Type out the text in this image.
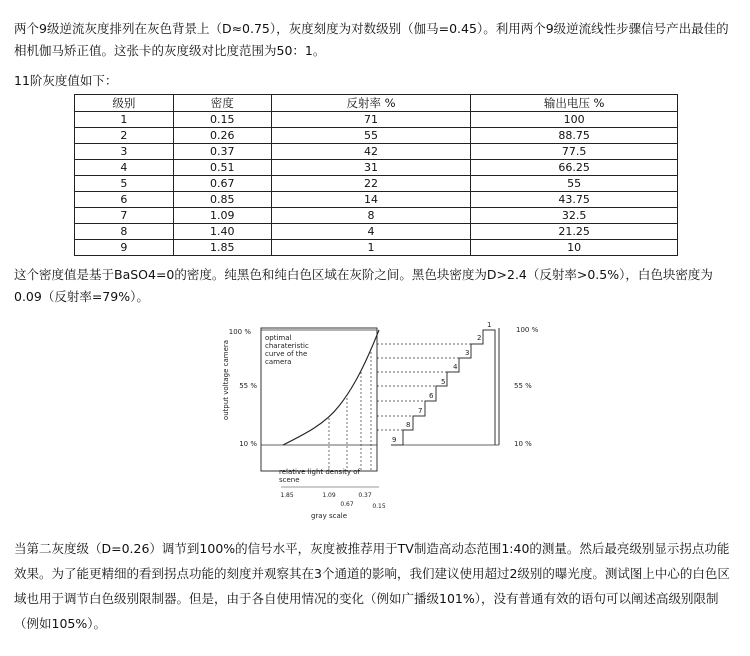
两个9级逆流灰度排列在灰色背景上（D≈0.75），灰度刻度为对数级别（伽马=0.45）。利用两个9级逆流线性步骤信号产出最佳的相机伽马矫正值。这张卡的灰度级对比度范围为50：1。

11阶灰度值如下：

级别	密度	反射率 %	输出电压 %
1	0.15	71	100
2	0.26	55	88.75
3	0.37	42	77.5
4	0.51	31	66.25
5	0.67	22	55
6	0.85	14	43.75
7	1.09	8	32.5
8	1.40	4	21.25
9	1.85	1	10

这个密度值是基于BaSO4=0的密度。纯黑色和纯白色区域在灰阶之间。黑色块密度为D>2.4（反射率>0.5%），白色块密度为0.09（反射率=79%）。

output voltage camera
100 %
55 %
10 %
optimal
charateristic
curve of the
camera
1
2
3
4
5
6
7
8
9
100 %
55 %
10 %
relative light density of
scene
1.85	1.09	0.37
0.67	0.15
gray scale

当第二灰度级（D=0.26）调节到100%的信号水平，灰度被推荐用于TV制造高动态范围1:40的测量。然后最亮级别显示拐点功能效果。为了能更精细的看到拐点功能的刻度并观察其在3个通道的影响，我们建议使用超过2级别的曝光度。测试图上中心的白色区域也用于调节白色级别限制器。但是，由于各自使用情况的变化（例如广播级101%），没有普通有效的语句可以阐述高级别限制（例如105%）。
